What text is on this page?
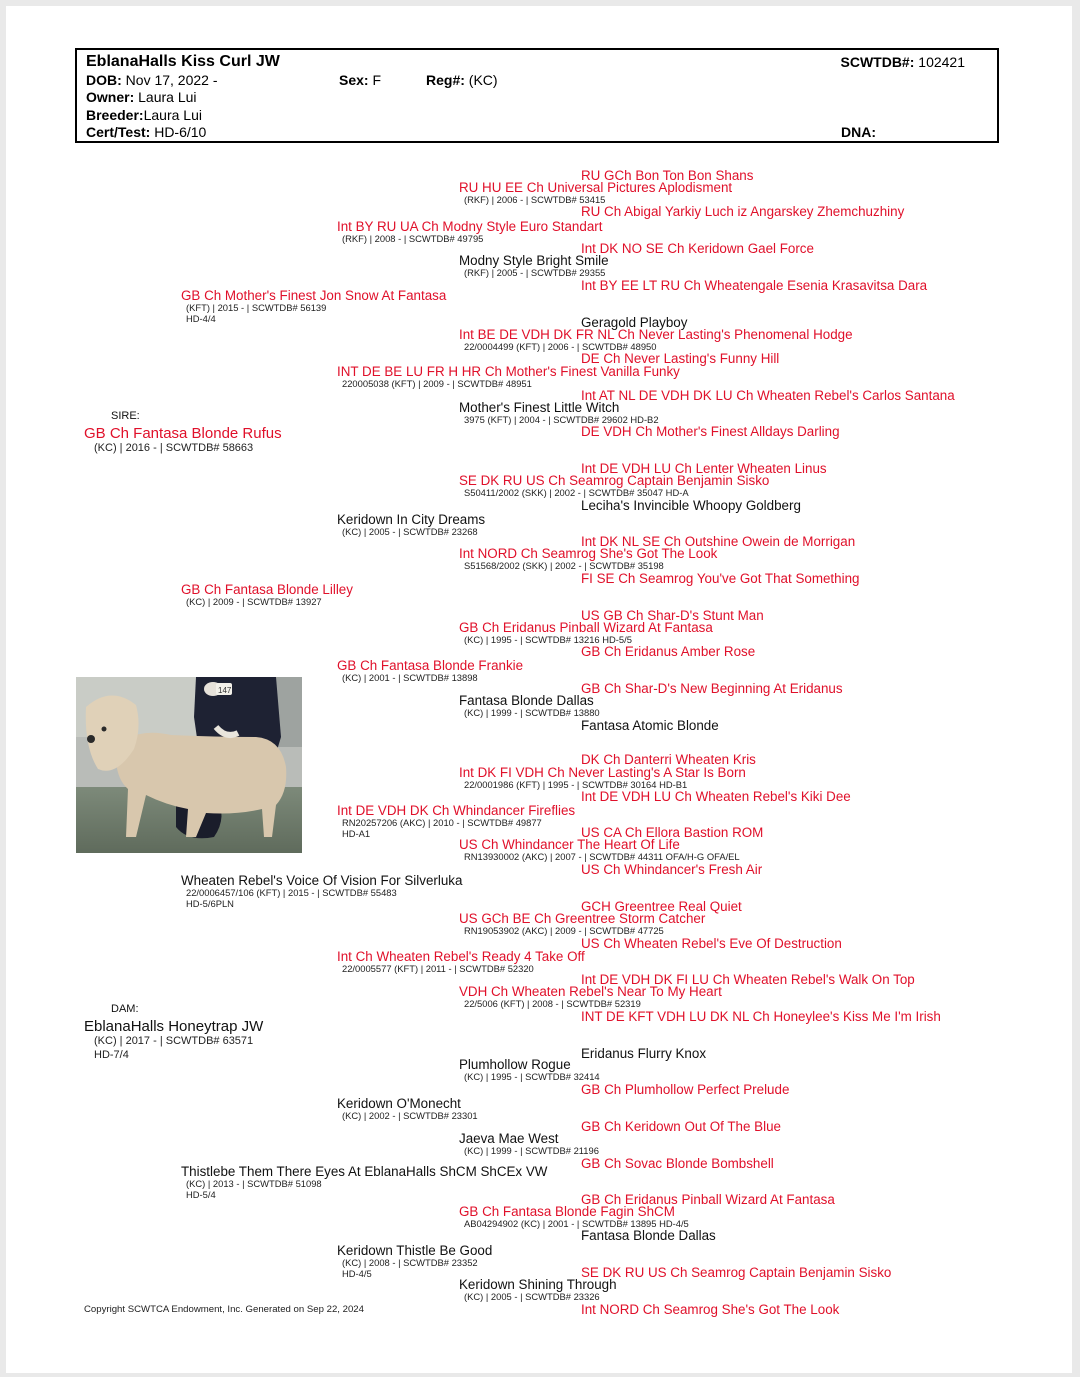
EblanaHalls Kiss Curl JW	SCWTDB#: 102421
DOB: Nov 17, 2022 -	Sex: F	Reg#: (KC)
Owner: Laura Lui
Breeder:Laura Lui
Cert/Test: HD-6/10	DNA:
SIRE:
DAM:
RU GCh Bon Ton Bon Shans
RU HU EE Ch Universal Pictures Aplodisment
(RKF) | 2006 - | SCWTDB# 53415
RU Ch Abigal Yarkiy Luch iz Angarskey Zhemchuzhiny
Int BY RU UA Ch Modny Style Euro Standart
(RKF) | 2008 - | SCWTDB# 49795
Int DK NO SE Ch Keridown Gael Force
Modny Style Bright Smile
(RKF) | 2005 - | SCWTDB# 29355
Int BY EE LT RU Ch Wheatengale Esenia Krasavitsa Dara
GB Ch Mother's Finest Jon Snow At Fantasa
(KFT) | 2015 - | SCWTDB# 56139
HD-4/4	Geragold Playboy
Int BE DE VDH DK FR NL Ch Never Lasting's Phenomenal Hodge
22/0004499 (KFT) | 2006 - | SCWTDB# 48950
DE Ch Never Lasting's Funny Hill
INT DE BE LU FR H HR Ch Mother's Finest Vanilla Funky
220005038 (KFT) | 2009 - | SCWTDB# 48951
Int AT NL DE VDH DK LU Ch Wheaten Rebel's Carlos Santana
Mother's Finest Little Witch
3975 (KFT) | 2004 - | SCWTDB# 29602 HD-B2
DE VDH Ch Mother's Finest Alldays Darling
GB Ch Fantasa Blonde Rufus
(KC) | 2016 - | SCWTDB# 58663
Int DE VDH LU Ch Lenter Wheaten Linus
SE DK RU US Ch Seamrog Captain Benjamin Sisko
S50411/2002 (SKK) | 2002 - | SCWTDB# 35047 HD-A
Leciha's Invincible Whoopy Goldberg
Keridown In City Dreams
(KC) | 2005 - | SCWTDB# 23268
Int DK NL SE Ch Outshine Owein de Morrigan
Int NORD Ch Seamrog She's Got The Look
S51568/2002 (SKK) | 2002 - | SCWTDB# 35198
FI SE Ch Seamrog You've Got That Something
GB Ch Fantasa Blonde Lilley
(KC) | 2009 - | SCWTDB# 13927
US GB Ch Shar-D's Stunt Man
GB Ch Eridanus Pinball Wizard At Fantasa
(KC) | 1995 - | SCWTDB# 13216 HD-5/5
GB Ch Eridanus Amber Rose
GB Ch Fantasa Blonde Frankie
(KC) | 2001 - | SCWTDB# 13898
GB Ch Shar-D's New Beginning At Eridanus
Fantasa Blonde Dallas
(KC) | 1999 - | SCWTDB# 13880
Fantasa Atomic Blonde
DK Ch Danterri Wheaten Kris
Int DK FI VDH Ch Never Lasting's A Star Is Born
22/0001986 (KFT) | 1995 - | SCWTDB# 30164 HD-B1
Int DE VDH LU Ch Wheaten Rebel's Kiki Dee
Int DE VDH DK Ch Whindancer Fireflies
RN20257206 (AKC) | 2010 - | SCWTDB# 49877
HD-A1	US CA Ch Ellora Bastion ROM
US Ch Whindancer The Heart Of Life
RN13930002 (AKC) | 2007 - | SCWTDB# 44311 OFA/H-G OFA/EL
US Ch Whindancer's Fresh Air
Wheaten Rebel's Voice Of Vision For Silverluka
22/0006457/106 (KFT) | 2015 - | SCWTDB# 55483
HD-5/6PLN	GCH Greentree Real Quiet
US GCh BE Ch Greentree Storm Catcher
RN19053902 (AKC) | 2009 - | SCWTDB# 47725
US Ch Wheaten Rebel's Eve Of Destruction
Int Ch Wheaten Rebel's Ready 4 Take Off
22/0005577 (KFT) | 2011 - | SCWTDB# 52320
Int DE VDH DK FI LU Ch Wheaten Rebel's Walk On Top
VDH Ch Wheaten Rebel's Near To My Heart
22/5006 (KFT) | 2008 - | SCWTDB# 52319
INT DE KFT VDH LU DK NL Ch Honeylee's Kiss Me I'm Irish
EblanaHalls Honeytrap JW
(KC) | 2017 - | SCWTDB# 63571
HD-7/4	Eridanus Flurry Knox
Plumhollow Rogue
(KC) | 1995 - | SCWTDB# 32414
GB Ch Plumhollow Perfect Prelude
Keridown O'Monecht
(KC) | 2002 - | SCWTDB# 23301
GB Ch Keridown Out Of The Blue
Jaeva Mae West
(KC) | 1999 - | SCWTDB# 21196
GB Ch Sovac Blonde Bombshell
Thistlebe Them There Eyes At EblanaHalls ShCM ShCEx VW
(KC) | 2013 - | SCWTDB# 51098
HD-5/4	GB Ch Eridanus Pinball Wizard At Fantasa
GB Ch Fantasa Blonde Fagin ShCM
AB04294902 (KC) | 2001 - | SCWTDB# 13895 HD-4/5
Fantasa Blonde Dallas
Keridown Thistle Be Good
(KC) | 2008 - | SCWTDB# 23352
HD-4/5	SE DK RU US Ch Seamrog Captain Benjamin Sisko
Keridown Shining Through
(KC) | 2005 - | SCWTDB# 23326
Int NORD Ch Seamrog She's Got The Look
147
Copyright SCWTCA Endowment, Inc. Generated on Sep 22, 2024
